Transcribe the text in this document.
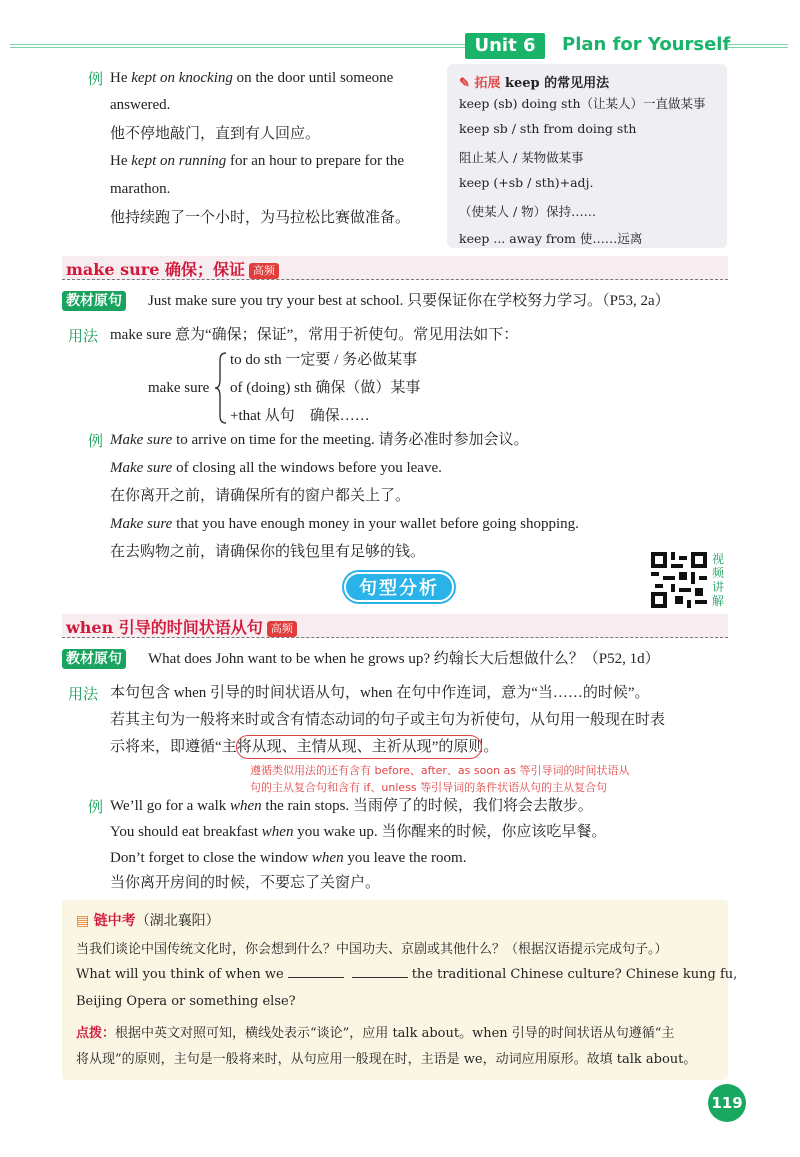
Unit 6	Plan for Yourself
例 He kept on knocking on the door until someone
answered.
他不停地敲门，直到有人回应。
He kept on running for an hour to prepare for the
marathon.
他持续跑了一个小时，为马拉松比赛做准备。
✎ 拓展 keep 的常见用法
keep (sb) doing sth（让某人）一直做某事
keep sb / sth from doing sth
阻止某人 / 某物做某事
keep (+sb / sth)+adj.
（使某人 / 物）保持……
keep ... away from 使……远离
make sure 确保；保证 高频
教材原句 Just make sure you try your best at school. 只要保证你在学校努力学习。（P53, 2a）
用法 make sure 意为“确保；保证”，常用于祈使句。常见用法如下：
make sure
to do sth 一定要 / 务必做某事
of (doing) sth 确保（做）某事
+that 从句　确保……
例 Make sure to arrive on time for the meeting. 请务必准时参加会议。
Make sure of closing all the windows before you leave.
在你离开之前，请确保所有的窗户都关上了。
Make sure that you have enough money in your wallet before going shopping.
在去购物之前，请确保你的钱包里有足够的钱。	视频讲解
句型分析
when 引导的时间状语从句 高频
教材原句 What does John want to be when he grows up? 约翰长大后想做什么？（P52, 1d）
用法 本句包含 when 引导的时间状语从句，when 在句中作连词，意为“当……的时候”。
若其主句为一般将来时或含有情态动词的句子或主句为祈使句，从句用一般现在时表
示将来，即遵循“主将从现、主情从现、主祈从现”的原则。
遵循类似用法的还有含有 before、after、as soon as 等引导词的时间状语从
句的主从复合句和含有 if、unless 等引导词的条件状语从句的主从复合句
例 We’ll go for a walk when the rain stops. 当雨停了的时候，我们将会去散步。
You should eat breakfast when you wake up. 当你醒来的时候，你应该吃早餐。
Don’t forget to close the window when you leave the room.
当你离开房间的时候，不要忘了关窗户。
▤ 链中考（湖北襄阳）
当我们谈论中国传统文化时，你会想到什么？中国功夫、京剧或其他什么？（根据汉语提示完成句子。）
What will you think of when we	the traditional Chinese culture? Chinese kung fu,
Beijing Opera or something else?
点拨：根据中英文对照可知，横线处表示“谈论”，应用 talk about。when 引导的时间状语从句遵循“主
将从现”的原则，主句是一般将来时，从句应用一般现在时，主语是 we，动词应用原形。故填 talk about。
119
